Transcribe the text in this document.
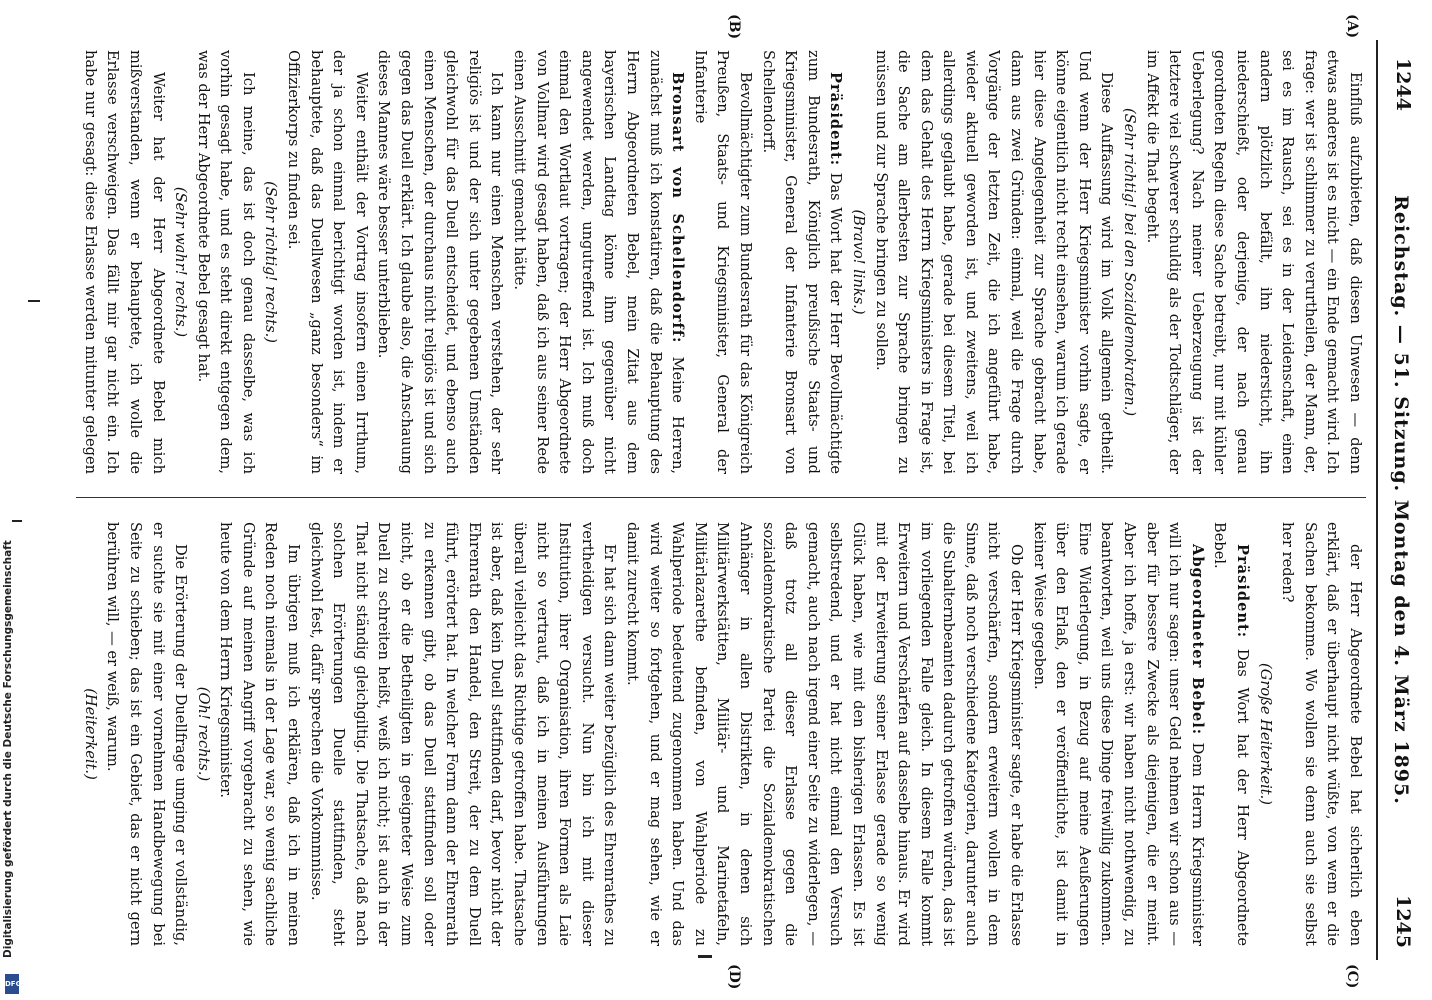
1244
Reichstag. — 51. Sitzung. Montag den 4. März 1895.
1245
(A)
(B)
(C)
(D)

Einfluß aufzubieten, daß diesen Unwesen — denn etwas anderes ist es nicht — ein Ende gemacht wird. Ich frage: wer ist schlimmer zu verurtheilen, der Mann, der, sei es im Rausch, sei es in der Leidenschaft, einen andern plötzlich befällt, ihn niedersticht, ihn niederschießt, oder derjenige, der nach genau geordneten Regeln diese Sache betreibt, nur mit kühler Ueberlegung? Nach meiner Ueberzeugung ist der letztere viel schwerer schuldig als der Todtschläger, der im Affekt die That begeht.

(Sehr richtig! bei den Sozialdemokraten.)

Diese Auffassung wird im Volk allgemein getheilt. Und wenn der Herr Kriegsminister vorhin sagte, er könne eigentlich nicht recht einsehen, warum ich gerade hier diese Angelegenheit zur Sprache gebracht habe, dann aus zwei Gründen: einmal, weil die Frage durch Vorgänge der letzten Zeit, die ich angeführt habe, wieder aktuell geworden ist, und zweitens, weil ich allerdings geglaubt habe, gerade bei diesem Titel, bei dem das Gehalt des Herrn Kriegsministers in Frage ist, die Sache am allerbesten zur Sprache bringen zu müssen und zur Sprache bringen zu sollen.

(Bravo! links.)

Präsident: Das Wort hat der Herr Bevollmächtigte zum Bundesrath, Königlich preußische Staats- und Kriegsminister, General der Infanterie Bronsart von Schellendorff.

Bevollmächtigter zum Bundesrath für das Königreich Preußen, Staats- und Kriegsminister, General der Infanterie

Bronsart von Schellendorff: Meine Herren, zunächst muß ich konstatiren, daß die Behauptung des Herrn Abgeordneten Bebel, mein Zitat aus dem bayerischen Landtag könne ihm gegenüber nicht angewendet werden, ungutreffend ist. Ich muß doch einmal den Wortlaut vortragen; der Herr Abgeordnete von Vollmar wird gesagt haben, daß ich aus seiner Rede einen Ausschnitt gemacht hätte.

Ich kann nur einen Menschen verstehen, der sehr religiös ist und der sich unter gegebenen Umständen gleichwohl für das Duell entscheidet, und ebenso auch einen Menschen, der durchaus nicht religiös ist und sich gegen das Duell erklärt. Ich glaube also, die Anschauung dieses Mannes wäre besser unterblieben.

Weiter enthält der Vortrag insofern einen Irrthum, der ja schon einmal berichtigt worden ist, indem er behauptete, daß das Duellwesen „ganz besonders“ im Offizierkorps zu finden sei.

(Sehr richtig! rechts.)

Ich meine, das ist doch genau dasselbe, was ich vorhin gesagt habe, und es steht direkt entgegen dem, was der Herr Abgeordnete Bebel gesagt hat.

(Sehr wahr! rechts.)

Weiter hat der Herr Abgeordnete Bebel mich mißverstanden, wenn er behauptete, ich wolle die Erlasse verschweigen. Das fällt mir gar nicht ein. Ich habe nur gesagt: diese Erlasse werden mitunter gelegen

der Herr Abgeordnete Bebel hat sicherlich eben erklärt, daß er überhaupt nicht wüßte, von wem er die Sachen bekomme. Wo wollen sie denn auch sie selbst her reden?

(Große Heiterkeit.)

Präsident: Das Wort hat der Herr Abgeordnete Bebel.

Abgeordneter Bebel: Dem Herrn Kriegsminister will ich nur sagen: unser Geld nehmen wir schon aus — aber für bessere Zwecke als diejenigen, die er meint. Aber ich hoffe, ja erst: wir haben nicht nothwendig, zu beantworten, weil uns diese Dinge freiwillig zukommen. Eine Widerlegung, in Bezug auf meine Aeußerungen über den Erlaß, den er veröffentlichte, ist damit in keiner Weise gegeben.

Ob der Herr Kriegsminister sagte, er habe die Erlasse nicht verschärfen, sondern erweitern wollen in dem Sinne, daß noch verschiedene Kategorien, darunter auch die Subalternbeamten dadurch getroffen würden, das ist im vorliegenden Falle gleich. In diesem Falle kommt Erweitern und Verschärfen auf dasselbe hinaus. Er wird mit der Erweiterung seiner Erlasse gerade so wenig Glück haben, wie mit den bisherigen Erlassen. Es ist selbstredend, und er hat nicht einmal den Versuch gemacht, auch nach irgend einer Seite zu widerlegen, — daß trotz all dieser Erlasse gegen die sozialdemokratische Partei die Sozialdemokratischen Anhänger in allen Distrikten, in denen sich Militärwerkstätten, Militär- und Marinetafeln, Militärlazarethe befinden, von Wahlperiode zu Wahlperiode bedeutend zugenommen haben. Und das wird weiter so fortgehen, und er mag sehen, wie er damit zurecht kommt.

Er hat sich dann weiter bezüglich des Ehrenrathes zu vertheidigen versucht. Nun bin ich mit dieser Institution, ihrer Organisation, ihren Formen als Laie nicht so vertraut, daß ich in meinen Ausführungen überall vielleicht das Richtige getroffen habe. Thatsache ist aber, daß kein Duell stattfinden darf, bevor nicht der Ehrenrath den Handel, den Streit, der zu dem Duell führt, erörtert hat. In welcher Form dann der Ehrenrath zu erkennen gibt, ob das Duell stattfinden soll oder nicht, ob er die Betheiligten in geeigneter Weise zum Duell zu schreiten heißt, weiß ich nicht; ist auch in der That nicht ständig gleichgiltig. Die Thatsache, daß nach solchen Erörterungen Duelle stattfinden, steht gleichwohl fest, dafür sprechen die Vorkommnisse.

Im übrigen muß ich erklären, daß ich in meinen Reden noch niemals in der Lage war, so wenig sachliche Gründe auf meinen Angriff vorgebracht zu sehen, wie heute von dem Herrn Kriegsminister.

(Oh! rechts.)

Die Erörterung der Duellfrage umging er vollständig, er suchte sie mit einer vornehmen Handbewegung bei Seite zu schieben; das ist ein Gebiet, das er nicht gern berühren will, — er weiß, warum.

(Heiterkeit.)

Digitalisierung gefördert durch die Deutsche Forschungsgemeinschaft
DFG
